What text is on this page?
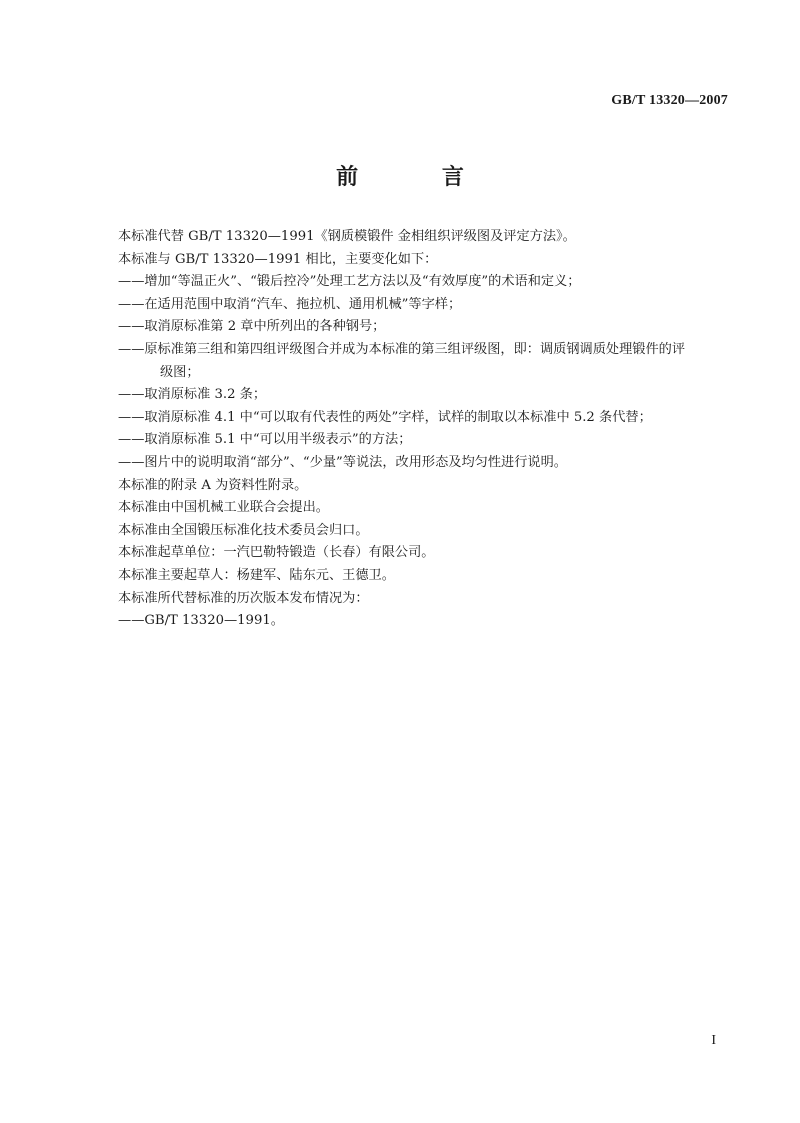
GB/T 13320—2007
前 言

本标准代替 GB/T 13320—1991《钢质模锻件 金相组织评级图及评定方法》。

本标准与 GB/T 13320—1991 相比，主要变化如下：

——增加“等温正火”、“锻后控冷”处理工艺方法以及“有效厚度”的术语和定义；

——在适用范围中取消“汽车、拖拉机、通用机械”等字样；

——取消原标准第 2 章中所列出的各种钢号；

——原标准第三组和第四组评级图合并成为本标准的第三组评级图，即：调质钢调质处理锻件的评

级图；

——取消原标准 3.2 条；

——取消原标准 4.1 中“可以取有代表性的两处”字样，试样的制取以本标准中 5.2 条代替；

——取消原标准 5.1 中“可以用半级表示”的方法；

——图片中的说明取消“部分”、“少量”等说法，改用形态及均匀性进行说明。

本标准的附录 A 为资料性附录。

本标准由中国机械工业联合会提出。

本标准由全国锻压标准化技术委员会归口。

本标准起草单位：一汽巴勒特锻造（长春）有限公司。

本标准主要起草人：杨建军、陆东元、王德卫。

本标准所代替标准的历次版本发布情况为：

——GB/T 13320—1991。

I
